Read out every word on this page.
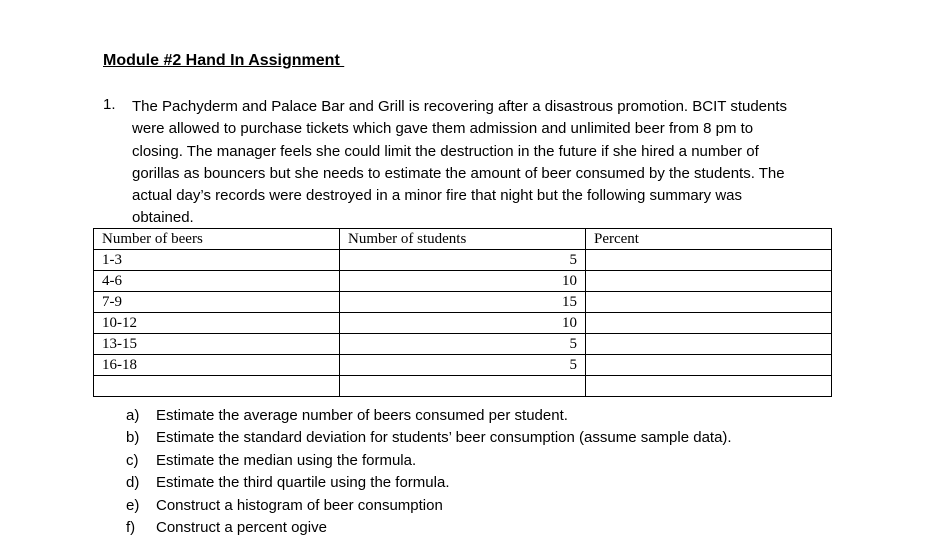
Module #2 Hand In Assignment
1. The Pachyderm and Palace Bar and Grill is recovering after a disastrous promotion. BCIT students
were allowed to purchase tickets which gave them admission and unlimited beer from 8 pm to
closing. The manager feels she could limit the destruction in the future if she hired a number of
gorillas as bouncers but she needs to estimate the amount of beer consumed by the students. The
actual day’s records were destroyed in a minor fire that night but the following summary was
obtained.
Number of beers	Number of students	Percent
1-3	5	
4-6	10	
7-9	15	
10-12	10	
13-15	5	
16-18	5	

a)	Estimate the average number of beers consumed per student.
b)	Estimate the standard deviation for students’ beer consumption (assume sample data).
c)	Estimate the median using the formula.
d)	Estimate the third quartile using the formula.
e)	Construct a histogram of beer consumption
f)	Construct a percent ogive
